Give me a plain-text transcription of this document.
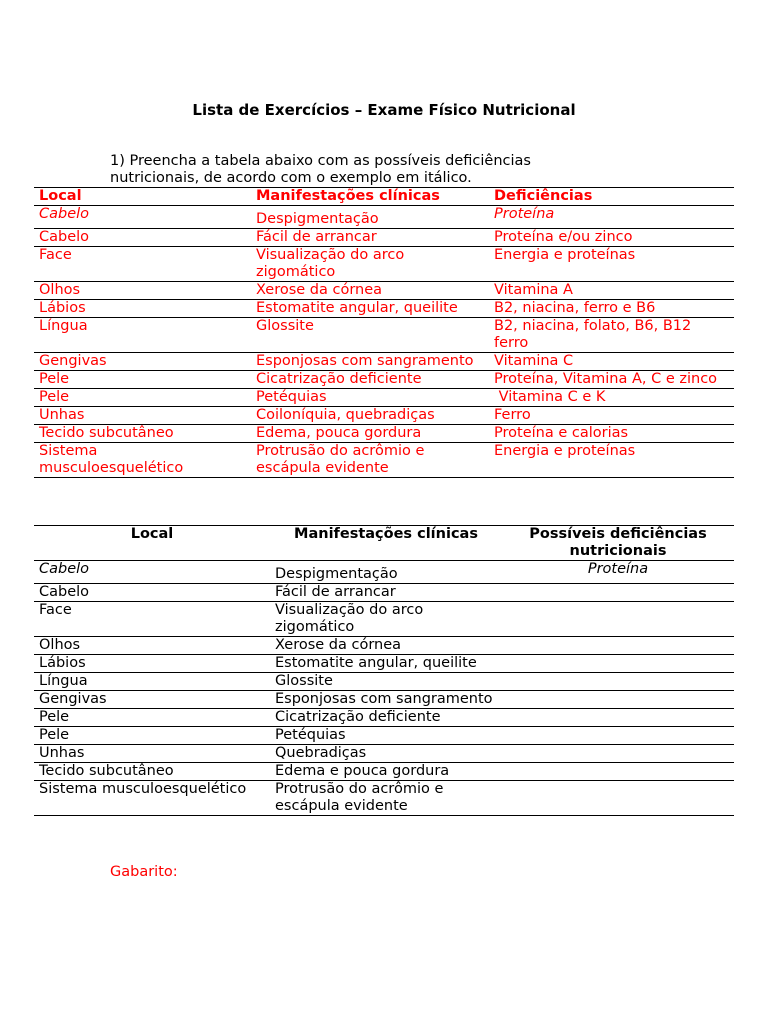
Lista de Exercícios – Exame Físico Nutricional
1) Preencha a tabela abaixo com as possíveis deficiências nutricionais, de acordo com o exemplo em itálico.
Local	Manifestações clínicas	Deficiências
Cabelo	Despigmentação	Proteína
Cabelo	Fácil de arrancar	Proteína e/ou zinco
Face	Visualização do arco zigomático	Energia e proteínas
Olhos	Xerose da córnea	Vitamina A
Lábios	Estomatite angular, queilite	B2, niacina, ferro e B6
Língua	Glossite	B2, niacina, folato, B6, B12 ferro
Gengivas	Esponjosas com sangramento	Vitamina C
Pele	Cicatrização deficiente	Proteína, Vitamina A, C e zinco
Pele	Petéquias	Vitamina C e K
Unhas	Coiloníquia, quebradiças	Ferro
Tecido subcutâneo	Edema, pouca gordura	Proteína e calorias
Sistema musculoesquelético	Protrusão do acrômio e escápula evidente	Energia e proteínas
Local	Manifestações clínicas	Possíveis deficiências nutricionais
Cabelo	Despigmentação	Proteína
Cabelo	Fácil de arrancar	
Face	Visualização do arco zigomático	
Olhos	Xerose da córnea	
Lábios	Estomatite angular, queilite	
Língua	Glossite	
Gengivas	Esponjosas com sangramento	
Pele	Cicatrização deficiente	
Pele	Petéquias	
Unhas	Quebradiças	
Tecido subcutâneo	Edema e pouca gordura	
Sistema musculoesquelético	Protrusão do acrômio e escápula evidente	
Gabarito:
